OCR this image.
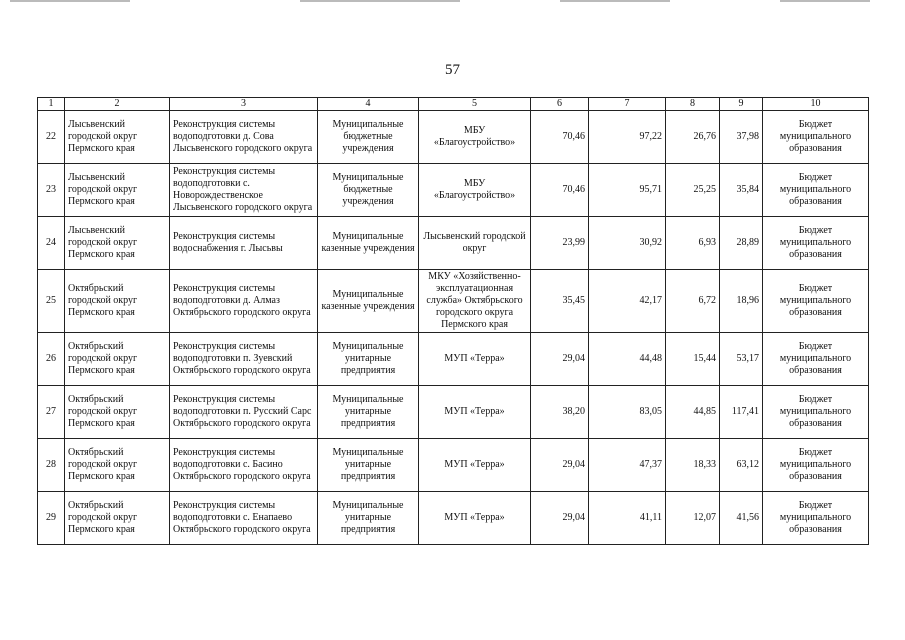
57
1	2	3	4	5	6	7	8	9	10
22	Лысьвенский городской округ Пермского края	Реконструкция системы водоподготовки д. Сова Лысьвенского городского округа	Муниципальные бюджетные учреждения	МБУ «Благоустройство»	70,46	97,22	26,76	37,98	Бюджет муниципального образования
23	Лысьвенский городской округ Пермского края	Реконструкция системы водоподготовки с. Новорождественское Лысьвенского городского округа	Муниципальные бюджетные учреждения	МБУ «Благоустройство»	70,46	95,71	25,25	35,84	Бюджет муниципального образования
24	Лысьвенский городской округ Пермского края	Реконструкция системы водоснабжения г. Лысьвы	Муниципальные казенные учреждения	Лысьвенский городской округ	23,99	30,92	6,93	28,89	Бюджет муниципального образования
25	Октябрьский городской округ Пермского края	Реконструкция системы водоподготовки д. Алмаз Октябрьского городского округа	Муниципальные казенные учреждения	МКУ «Хозяйственно-эксплуатационная служба» Октябрьского городского округа Пермского края	35,45	42,17	6,72	18,96	Бюджет муниципального образования
26	Октябрьский городской округ Пермского края	Реконструкция системы водоподготовки п. Зуевский Октябрьского городского округа	Муниципальные унитарные предприятия	МУП «Терра»	29,04	44,48	15,44	53,17	Бюджет муниципального образования
27	Октябрьский городской округ Пермского края	Реконструкция системы водоподготовки п. Русский Сарс Октябрьского городского округа	Муниципальные унитарные предприятия	МУП «Терра»	38,20	83,05	44,85	117,41	Бюджет муниципального образования
28	Октябрьский городской округ Пермского края	Реконструкция системы водоподготовки с. Басино Октябрьского городского округа	Муниципальные унитарные предприятия	МУП «Терра»	29,04	47,37	18,33	63,12	Бюджет муниципального образования
29	Октябрьский городской округ Пермского края	Реконструкция системы водоподготовки с. Енапаево Октябрьского городского округа	Муниципальные унитарные предприятия	МУП «Терра»	29,04	41,11	12,07	41,56	Бюджет муниципального образования
